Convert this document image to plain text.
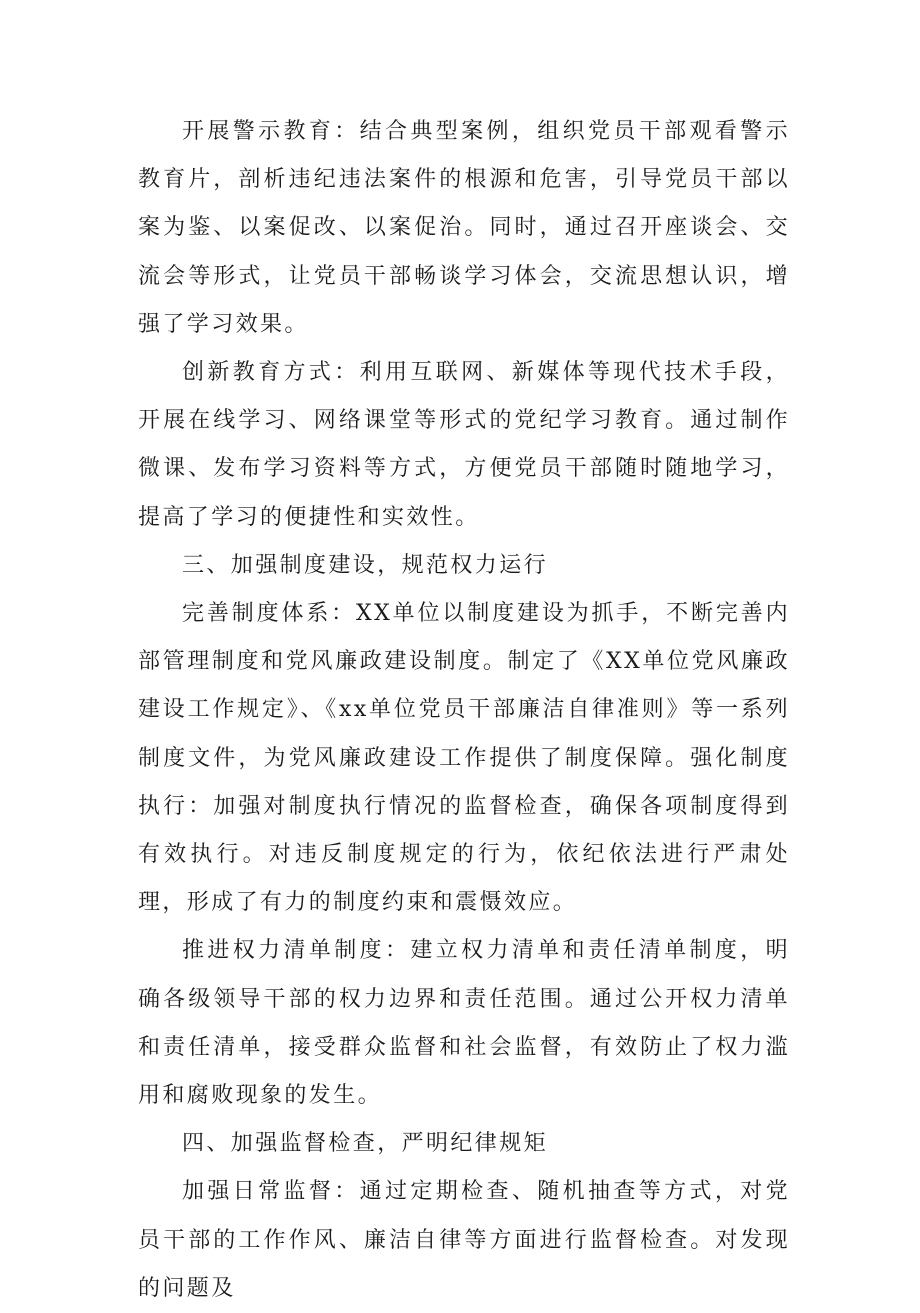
开展警示教育：结合典型案例，组织党员干部观看警示教育片，剖析违纪违法案件的根源和危害，引导党员干部以案为鉴、以案促改、以案促治。同时，通过召开座谈会、交流会等形式，让党员干部畅谈学习体会，交流思想认识，增强了学习效果。

创新教育方式：利用互联网、新媒体等现代技术手段，开展在线学习、网络课堂等形式的党纪学习教育。通过制作微课、发布学习资料等方式，方便党员干部随时随地学习，提高了学习的便捷性和实效性。

三、加强制度建设，规范权力运行

完善制度体系：XX单位以制度建设为抓手，不断完善内部管理制度和党风廉政建设制度。制定了《XX单位党风廉政建设工作规定》、《xx单位党员干部廉洁自律准则》等一系列制度文件，为党风廉政建设工作提供了制度保障。强化制度执行：加强对制度执行情况的监督检查，确保各项制度得到有效执行。对违反制度规定的行为，依纪依法进行严肃处理，形成了有力的制度约束和震慑效应。

推进权力清单制度：建立权力清单和责任清单制度，明确各级领导干部的权力边界和责任范围。通过公开权力清单和责任清单，接受群众监督和社会监督，有效防止了权力滥用和腐败现象的发生。

四、加强监督检查，严明纪律规矩

加强日常监督：通过定期检查、随机抽查等方式，对党员干部的工作作风、廉洁自律等方面进行监督检查。对发现的问题及
